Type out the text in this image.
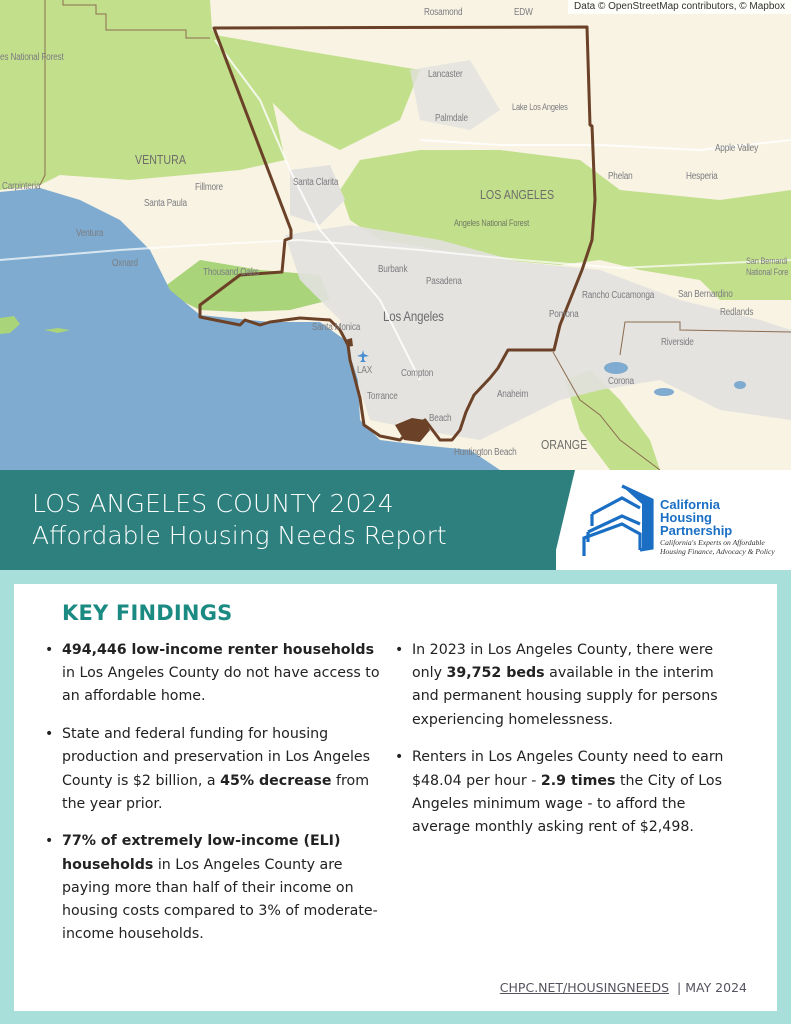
Data © OpenStreetMap contributors, © Mapbox
Rosamond	EDW
es National Forest
Lancaster
Lake Los Angeles
Palmdale
Apple Valley
VENTURA
LOS ANGELES
Phelan	Hesperia
Carpinteria	Fillmore	Santa Clarita
Santa Paula
Angeles National Forest
Ventura
Oxnard
Thousand Oaks	Burbank
Pasadena
San Bernardi
National Fore
Rancho Cucamonga San Bernardino
Redlands
Santa Monica
Los Angeles	Pomona
Riverside
LAX	Compton
Corona
Torrance	Anaheim
Beach
ORANGE
Huntington Beach
LOS ANGELES COUNTY 2024
Affordable Housing Needs Report
California
Housing
Partnership
California's Experts on Affordable
Housing Finance, Advocacy & Policy
KEY FINDINGS
• 494,446 low-income renter households in Los Angeles County do not have access to an affordable home.
• State and federal funding for housing production and preservation in Los Angeles County is $2 billion, a 45% decrease from the year prior.
• 77% of extremely low-income (ELI) households in Los Angeles County are paying more than half of their income on housing costs compared to 3% of moderate-income households.
• In 2023 in Los Angeles County, there were only 39,752 beds available in the interim and permanent housing supply for persons experiencing homelessness.
• Renters in Los Angeles County need to earn $48.04 per hour - 2.9 times the City of Los Angeles minimum wage - to afford the average monthly asking rent of $2,498.
CHPC.NET/HOUSINGNEEDS | MAY 2024
